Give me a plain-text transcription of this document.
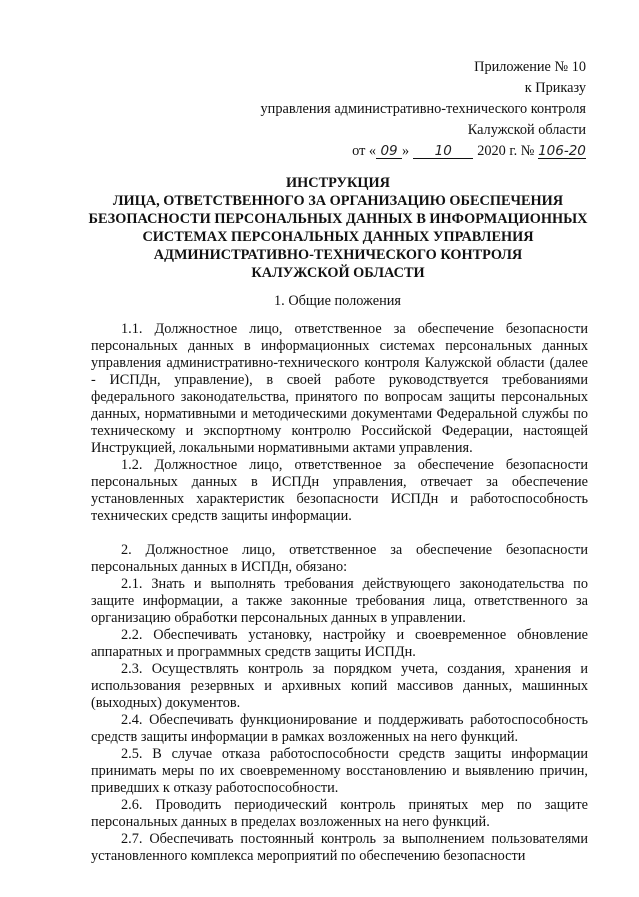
Приложение № 10
к Приказу
управления административно-технического контроля
Калужской области
от « 09 » 10 2020 г. № 106-20

ИНСТРУКЦИЯ

ЛИЦА, ОТВЕТСТВЕННОГО ЗА ОРГАНИЗАЦИЮ ОБЕСПЕЧЕНИЯ

БЕЗОПАСНОСТИ ПЕРСОНАЛЬНЫХ ДАННЫХ В ИНФОРМАЦИОННЫХ

СИСТЕМАХ ПЕРСОНАЛЬНЫХ ДАННЫХ УПРАВЛЕНИЯ

АДМИНИСТРАТИВНО-ТЕХНИЧЕСКОГО КОНТРОЛЯ

КАЛУЖСКОЙ ОБЛАСТИ

1. Общие положения

1.1. Должностное лицо, ответственное за обеспечение безопасности персональных данных в информационных системах персональных данных управления административно-технического контроля Калужской области (далее - ИСПДн, управление), в своей работе руководствуется требованиями федерального законодательства, принятого по вопросам защиты персональных данных, нормативными и методическими документами Федеральной службы по техническому и экспортному контролю Российской Федерации, настоящей Инструкцией, локальными нормативными актами управления.

1.2. Должностное лицо, ответственное за обеспечение безопасности персональных данных в ИСПДн управления, отвечает за обеспечение установленных характеристик безопасности ИСПДн и работоспособность технических средств защиты информации.

2. Должностное лицо, ответственное за обеспечение безопасности персональных данных в ИСПДн, обязано:

2.1. Знать и выполнять требования действующего законодательства по защите информации, а также законные требования лица, ответственного за организацию обработки персональных данных в управлении.

2.2. Обеспечивать установку, настройку и своевременное обновление аппаратных и программных средств защиты ИСПДн.

2.3. Осуществлять контроль за порядком учета, создания, хранения и использования резервных и архивных копий массивов данных, машинных (выходных) документов.

2.4. Обеспечивать функционирование и поддерживать работоспособность средств защиты информации в рамках возложенных на него функций.

2.5. В случае отказа работоспособности средств защиты информации принимать меры по их своевременному восстановлению и выявлению причин, приведших к отказу работоспособности.

2.6. Проводить периодический контроль принятых мер по защите персональных данных в пределах возложенных на него функций.

2.7. Обеспечивать постоянный контроль за выполнением пользователями установленного комплекса мероприятий по обеспечению безопасности
